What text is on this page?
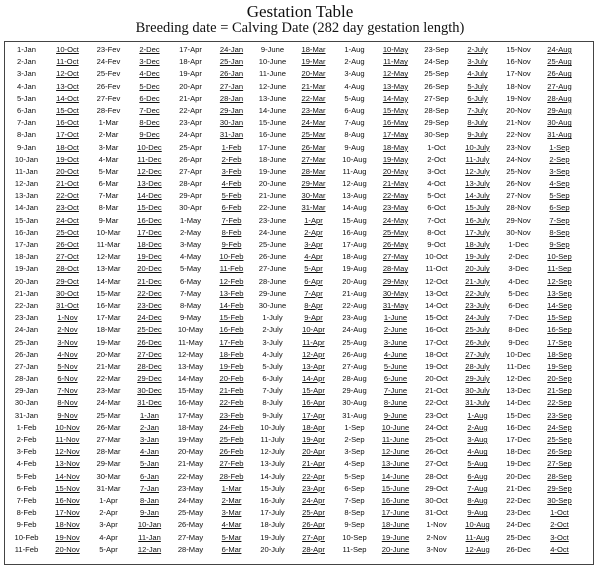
Gestation Table
Breeding date = Calving Date (282 day gestation length)
1-Jan	10-Oct	23-Fev	2-Dec	17-Apr	24-Jan	9-June	18-Mar	1-Aug	10-May	23-Sep	2-July	15-Nov	24-Aug
2-Jan	11-Oct	24-Fev	3-Dec	18-Apr	25-Jan	10-June	19-Mar	2-Aug	11-May	24-Sep	3-July	16-Nov	25-Aug
3-Jan	12-Oct	25-Fev	4-Dec	19-Apr	26-Jan	11-June	20-Mar	3-Aug	12-May	25-Sep	4-July	17-Nov	26-Aug
4-Jan	13-Oct	26-Fev	5-Dec	20-Apr	27-Jan	12-June	21-Mar	4-Aug	13-May	26-Sep	5-July	18-Nov	27-Aug
5-Jan	14-Oct	27-Fev	6-Dec	21-Apr	28-Jan	13-June	22-Mar	5-Aug	14-May	27-Sep	6-July	19-Nov	28-Aug
6-Jan	15-Oct	28-Fev	7-Dec	22-Apr	29-Jan	14-June	23-Mar	6-Aug	15-May	28-Sep	7-July	20-Nov	29-Aug
7-Jan	16-Oct	1-Mar	8-Dec	23-Apr	30-Jan	15-June	24-Mar	7-Aug	16-May	29-Sep	8-July	21-Nov	30-Aug
8-Jan	17-Oct	2-Mar	9-Dec	24-Apr	31-Jan	16-June	25-Mar	8-Aug	17-May	30-Sep	9-July	22-Nov	31-Aug
9-Jan	18-Oct	3-Mar	10-Dec	25-Apr	1-Feb	17-June	26-Mar	9-Aug	18-May	1-Oct	10-July	23-Nov	1-Sep
10-Jan	19-Oct	4-Mar	11-Dec	26-Apr	2-Feb	18-June	27-Mar	10-Aug	19-May	2-Oct	11-July	24-Nov	2-Sep
11-Jan	20-Oct	5-Mar	12-Dec	27-Apr	3-Feb	19-June	28-Mar	11-Aug	20-May	3-Oct	12-July	25-Nov	3-Sep
12-Jan	21-Oct	6-Mar	13-Dec	28-Apr	4-Feb	20-June	29-Mar	12-Aug	21-May	4-Oct	13-July	26-Nov	4-Sep
13-Jan	22-Oct	7-Mar	14-Dec	29-Apr	5-Feb	21-June	30-Mar	13-Aug	22-May	5-Oct	14-July	27-Nov	5-Sep
14-Jan	23-Oct	8-Mar	15-Dec	30-Apr	6-Feb	22-June	31-Mar	14-Aug	23-May	6-Oct	15-July	28-Nov	6-Sep
15-Jan	24-Oct	9-Mar	16-Dec	1-May	7-Feb	23-June	1-Apr	15-Aug	24-May	7-Oct	16-July	29-Nov	7-Sep
16-Jan	25-Oct	10-Mar	17-Dec	2-May	8-Feb	24-June	2-Apr	16-Aug	25-May	8-Oct	17-July	30-Nov	8-Sep
17-Jan	26-Oct	11-Mar	18-Dec	3-May	9-Feb	25-June	3-Apr	17-Aug	26-May	9-Oct	18-July	1-Dec	9-Sep
18-Jan	27-Oct	12-Mar	19-Dec	4-May	10-Feb	26-June	4-Apr	18-Aug	27-May	10-Oct	19-July	2-Dec	10-Sep
19-Jan	28-Oct	13-Mar	20-Dec	5-May	11-Feb	27-June	5-Apr	19-Aug	28-May	11-Oct	20-July	3-Dec	11-Sep
20-Jan	29-Oct	14-Mar	21-Dec	6-May	12-Feb	28-June	6-Apr	20-Aug	29-May	12-Oct	21-July	4-Dec	12-Sep
21-Jan	30-Oct	15-Mar	22-Dec	7-May	13-Feb	29-June	7-Apr	21-Aug	30-May	13-Oct	22-July	5-Dec	13-Sep
22-Jan	31-Oct	16-Mar	23-Dec	8-May	14-Feb	30-June	8-Apr	22-Aug	31-May	14-Oct	23-July	6-Dec	14-Sep
23-Jan	1-Nov	17-Mar	24-Dec	9-May	15-Feb	1-July	9-Apr	23-Aug	1-June	15-Oct	24-July	7-Dec	15-Sep
24-Jan	2-Nov	18-Mar	25-Dec	10-May	16-Feb	2-July	10-Apr	24-Aug	2-June	16-Oct	25-July	8-Dec	16-Sep
25-Jan	3-Nov	19-Mar	26-Dec	11-May	17-Feb	3-July	11-Apr	25-Aug	3-June	17-Oct	26-July	9-Dec	17-Sep
26-Jan	4-Nov	20-Mar	27-Dec	12-May	18-Feb	4-July	12-Apr	26-Aug	4-June	18-Oct	27-July	10-Dec	18-Sep
27-Jan	5-Nov	21-Mar	28-Dec	13-May	19-Feb	5-July	13-Apr	27-Aug	5-June	19-Oct	28-July	11-Dec	19-Sep
28-Jan	6-Nov	22-Mar	29-Dec	14-May	20-Feb	6-July	14-Apr	28-Aug	6-June	20-Oct	29-July	12-Dec	20-Sep
29-Jan	7-Nov	23-Mar	30-Dec	15-May	21-Feb	7-July	15-Apr	29-Aug	7-June	21-Oct	30-July	13-Dec	21-Sep
30-Jan	8-Nov	24-Mar	31-Dec	16-May	22-Feb	8-July	16-Apr	30-Aug	8-June	22-Oct	31-July	14-Dec	22-Sep
31-Jan	9-Nov	25-Mar	1-Jan	17-May	23-Feb	9-July	17-Apr	31-Aug	9-June	23-Oct	1-Aug	15-Dec	23-Sep
1-Feb	10-Nov	26-Mar	2-Jan	18-May	24-Feb	10-July	18-Apr	1-Sep	10-June	24-Oct	2-Aug	16-Dec	24-Sep
2-Feb	11-Nov	27-Mar	3-Jan	19-May	25-Feb	11-July	19-Apr	2-Sep	11-June	25-Oct	3-Aug	17-Dec	25-Sep
3-Feb	12-Nov	28-Mar	4-Jan	20-May	26-Feb	12-July	20-Apr	3-Sep	12-June	26-Oct	4-Aug	18-Dec	26-Sep
4-Feb	13-Nov	29-Mar	5-Jan	21-May	27-Feb	13-July	21-Apr	4-Sep	13-June	27-Oct	5-Aug	19-Dec	27-Sep
5-Feb	14-Nov	30-Mar	6-Jan	22-May	28-Feb	14-July	22-Apr	5-Sep	14-June	28-Oct	6-Aug	20-Dec	28-Sep
6-Feb	15-Nov	31-Mar	7-Jan	23-May	1-Mar	15-July	23-Apr	6-Sep	15-June	29-Oct	7-Aug	21-Dec	29-Sep
7-Feb	16-Nov	1-Apr	8-Jan	24-May	2-Mar	16-July	24-Apr	7-Sep	16-June	30-Oct	8-Aug	22-Dec	30-Sep
8-Feb	17-Nov	2-Apr	9-Jan	25-May	3-Mar	17-July	25-Apr	8-Sep	17-June	31-Oct	9-Aug	23-Dec	1-Oct
9-Feb	18-Nov	3-Apr	10-Jan	26-May	4-Mar	18-July	26-Apr	9-Sep	18-June	1-Nov	10-Aug	24-Dec	2-Oct
10-Feb	19-Nov	4-Apr	11-Jan	27-May	5-Mar	19-July	27-Apr	10-Sep	19-June	2-Nov	11-Aug	25-Dec	3-Oct
11-Feb	20-Nov	5-Apr	12-Jan	28-May	6-Mar	20-July	28-Apr	11-Sep	20-June	3-Nov	12-Aug	26-Dec	4-Oct
